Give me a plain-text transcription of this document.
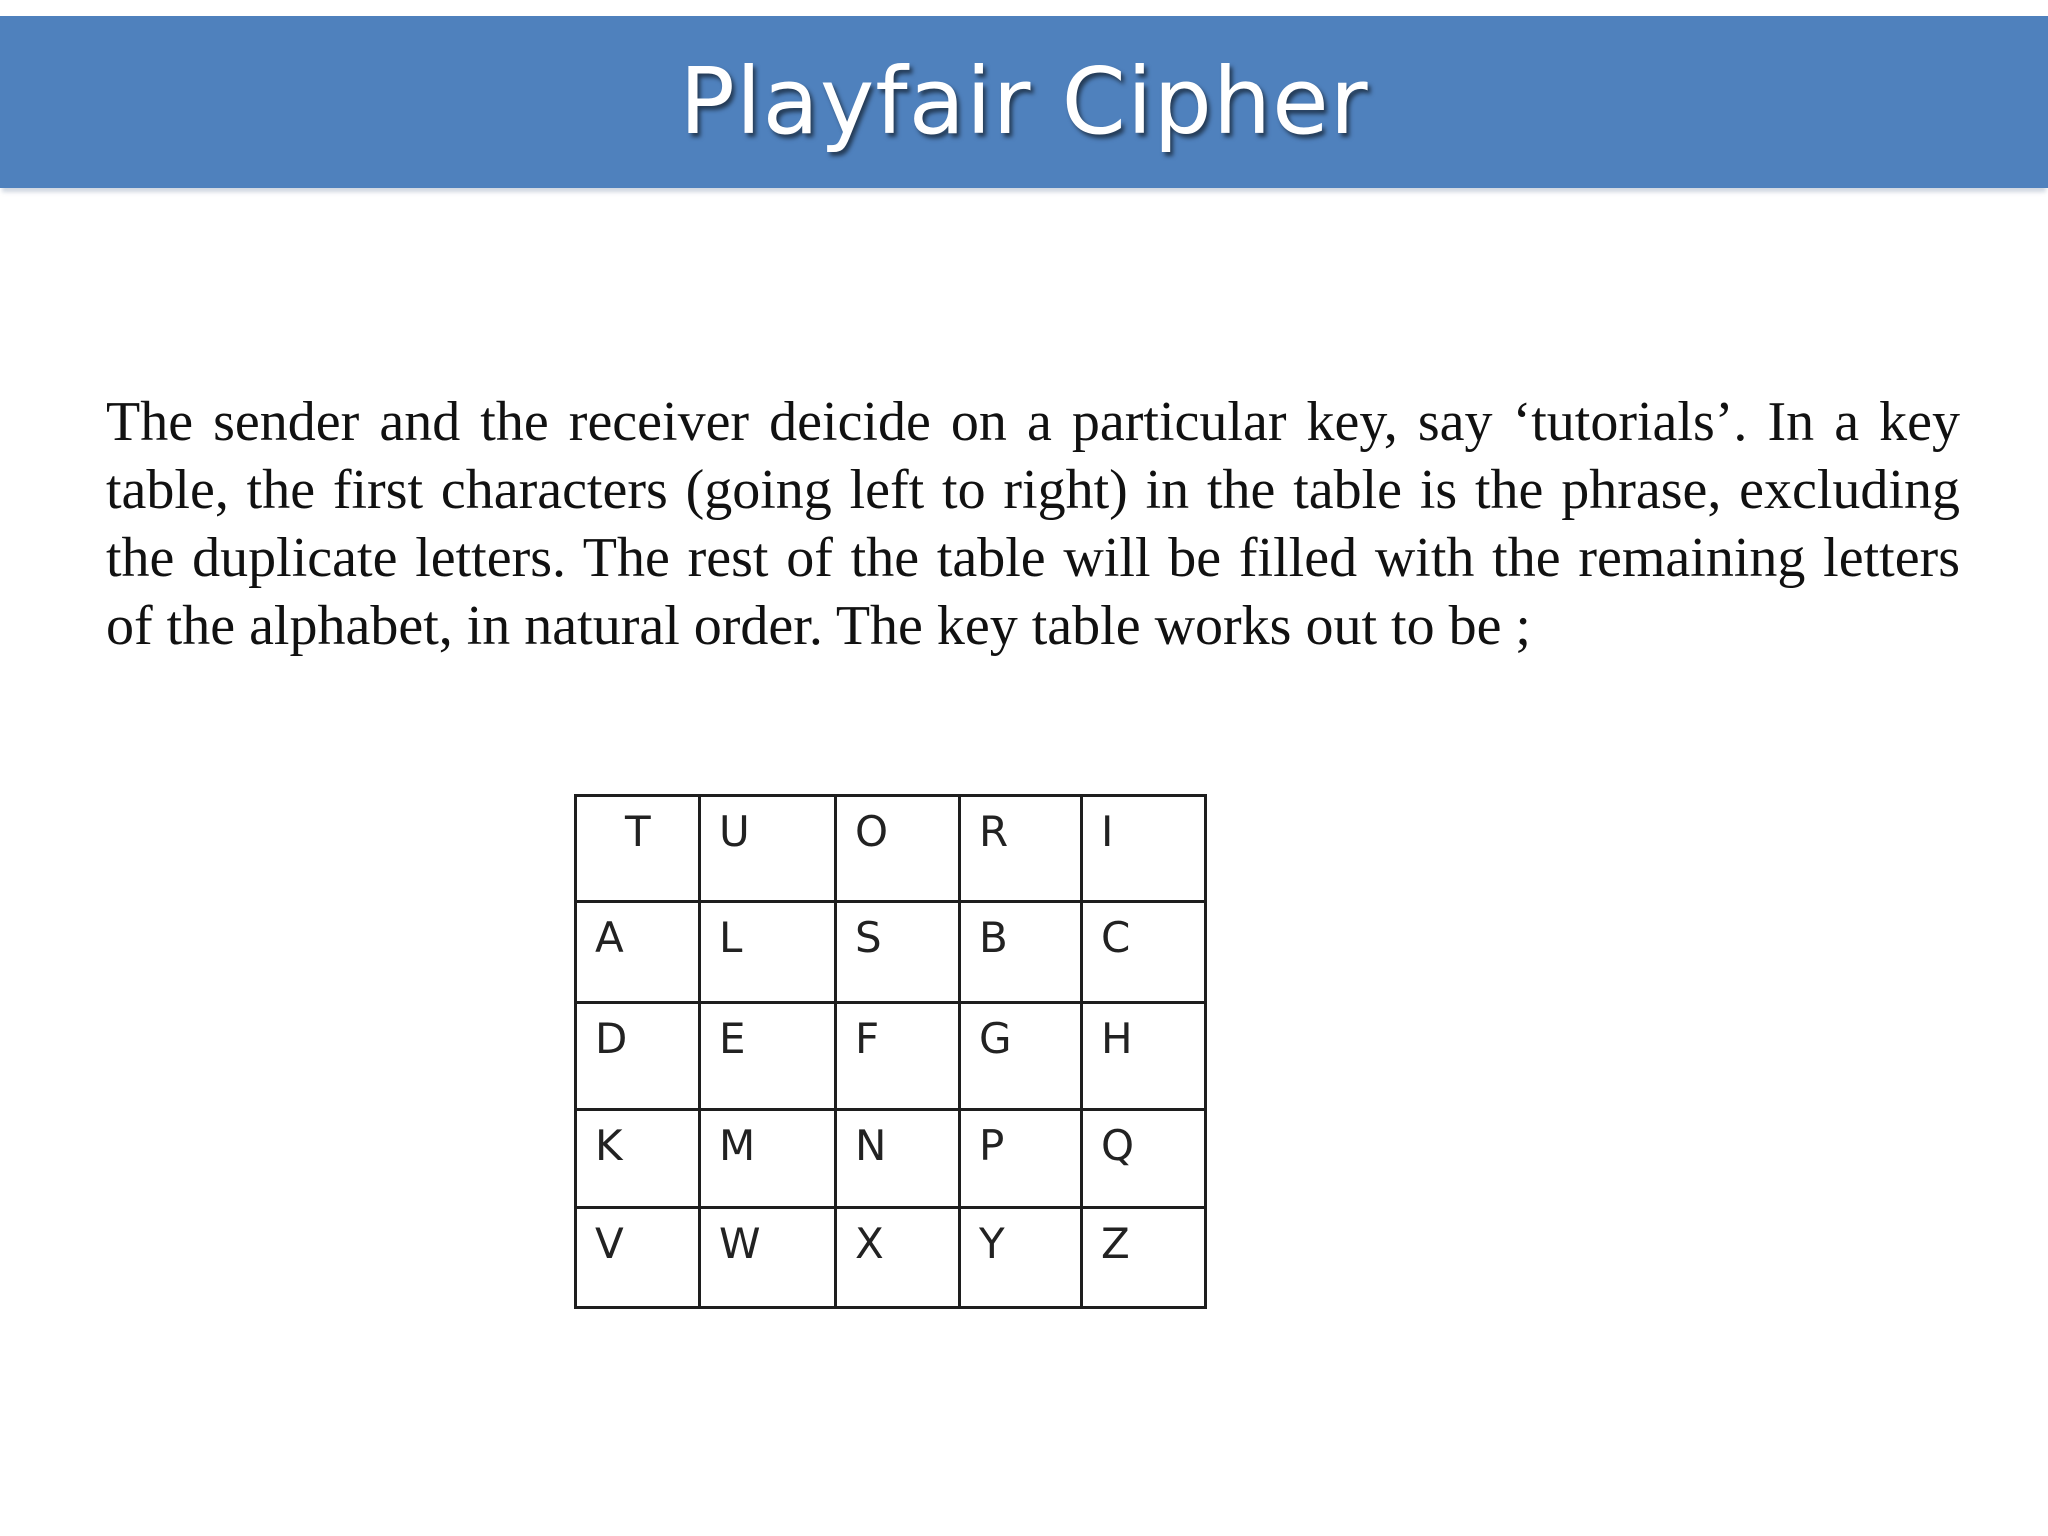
Playfair Cipher

The sender and the receiver deicide on a particular key, say ‘tutorials’. In a key table, the first characters (going left to right) in the table is the phrase, excluding the duplicate letters. The rest of the table will be filled with the remaining letters of the alphabet, in natural order. The key table works out to be ;

T	U	O	R	I
A	L	S	B	C
D	E	F	G	H
K	M	N	P	Q
V	W	X	Y	Z
